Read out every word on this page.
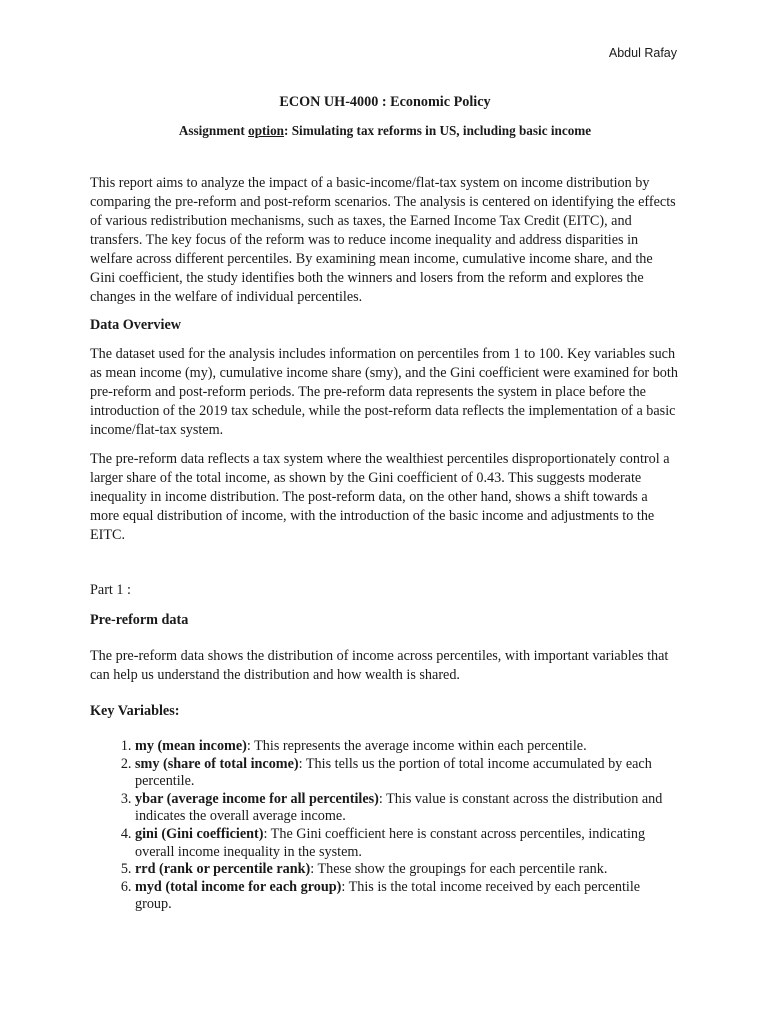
Abdul Rafay

ECON UH-4000 : Economic Policy

Assignment option: Simulating tax reforms in US, including basic income

This report aims to analyze the impact of a basic-income/flat-tax system on income distribution by comparing the pre-reform and post-reform scenarios. The analysis is centered on identifying the effects of various redistribution mechanisms, such as taxes, the Earned Income Tax Credit (EITC), and transfers. The key focus of the reform was to reduce income inequality and address disparities in welfare across different percentiles. By examining mean income, cumulative income share, and the Gini coefficient, the study identifies both the winners and losers from the reform and explores the changes in the welfare of individual percentiles.

Data Overview

The dataset used for the analysis includes information on percentiles from 1 to 100. Key variables such as mean income (my), cumulative income share (smy), and the Gini coefficient were examined for both pre-reform and post-reform periods. The pre-reform data represents the system in place before the introduction of the 2019 tax schedule, while the post-reform data reflects the implementation of a basic income/flat-tax system.

The pre-reform data reflects a tax system where the wealthiest percentiles disproportionately control a larger share of the total income, as shown by the Gini coefficient of 0.43. This suggests moderate inequality in income distribution. The post-reform data, on the other hand, shows a shift towards a more equal distribution of income, with the introduction of the basic income and adjustments to the EITC.

Part 1 :

Pre-reform data

The pre-reform data shows the distribution of income across percentiles, with important variables that can help us understand the distribution and how wealth is shared.

Key Variables:
1. my (mean income): This represents the average income within each percentile.
2. smy (share of total income): This tells us the portion of total income accumulated by each percentile.
3. ybar (average income for all percentiles): This value is constant across the distribution and indicates the overall average income.
4. gini (Gini coefficient): The Gini coefficient here is constant across percentiles, indicating overall income inequality in the system.
5. rrd (rank or percentile rank): These show the groupings for each percentile rank.
6. myd (total income for each group): This is the total income received by each percentile group.
